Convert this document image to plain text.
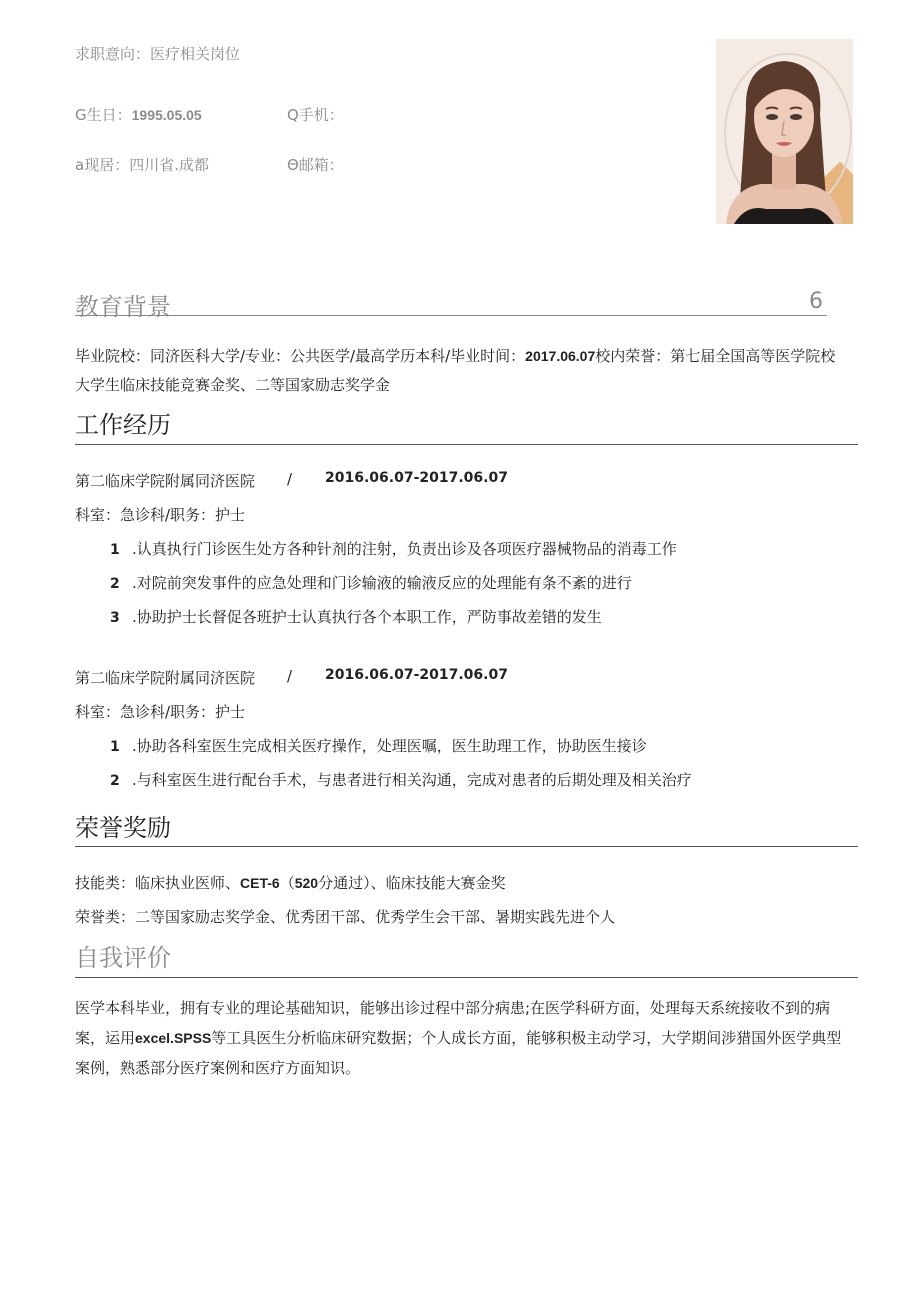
求职意向：医疗相关岗位
G生日：1995.05.05	Q手机：
a现居：四川省.成都	Θ邮箱：
教育背景	6
毕业院校：同济医科大学/专业：公共医学/最高学历本科/毕业时间：2017.06.07校内荣誉：第七届全国高等医学院校
大学生临床技能竞赛金奖、二等国家励志奖学金
工作经历
第二临床学院附属同济医院 / 2016.06.07-2017.06.07
科室：急诊科/职务：护士
1 .认真执行门诊医生处方各种针剂的注射，负责出诊及各项医疗器械物品的消毒工作
2 .对院前突发事件的应急处理和门诊输液的输液反应的处理能有条不紊的进行
3 .协助护士长督促各班护士认真执行各个本职工作，严防事故差错的发生
第二临床学院附属同济医院 / 2016.06.07-2017.06.07
科室：急诊科/职务：护士
1 .协助各科室医生完成相关医疗操作，处理医嘱，医生助理工作，协助医生接诊
2 .与科室医生进行配台手术，与患者进行相关沟通，完成对患者的后期处理及相关治疗
荣誉奖励
技能类：临床执业医师、CET-6（520分通过）、临床技能大赛金奖
荣誉类：二等国家励志奖学金、优秀团干部、优秀学生会干部、暑期实践先进个人
自我评价
医学本科毕业，拥有专业的理论基础知识，能够出诊过程中部分病患;在医学科研方面，处理每天系统接收不到的病
案，运用excel.SPSS等工具医生分析临床研究数据；个人成长方面，能够积极主动学习，大学期间涉猎国外医学典型
案例，熟悉部分医疗案例和医疗方面知识。
